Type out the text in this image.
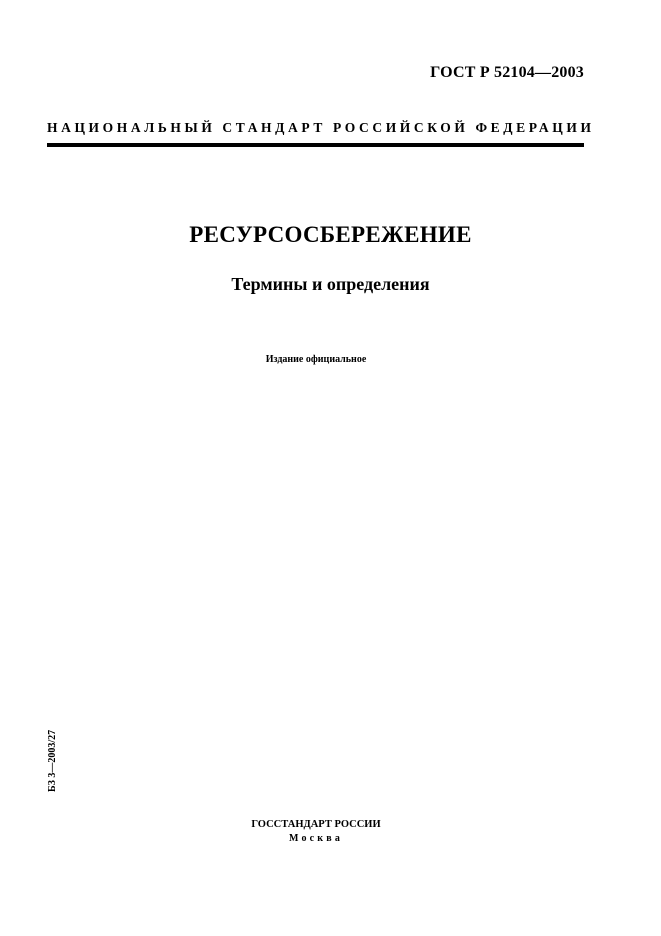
ГОСТ Р 52104—2003
НАЦИОНАЛЬНЫЙ СТАНДАРТ РОССИЙСКОЙ ФЕДЕРАЦИИ
РЕСУРСОСБЕРЕЖЕНИЕ
Термины и определения
Издание официальное
БЗ 3—2003/27
ГОССТАНДАРТ РОССИИ
Москва
